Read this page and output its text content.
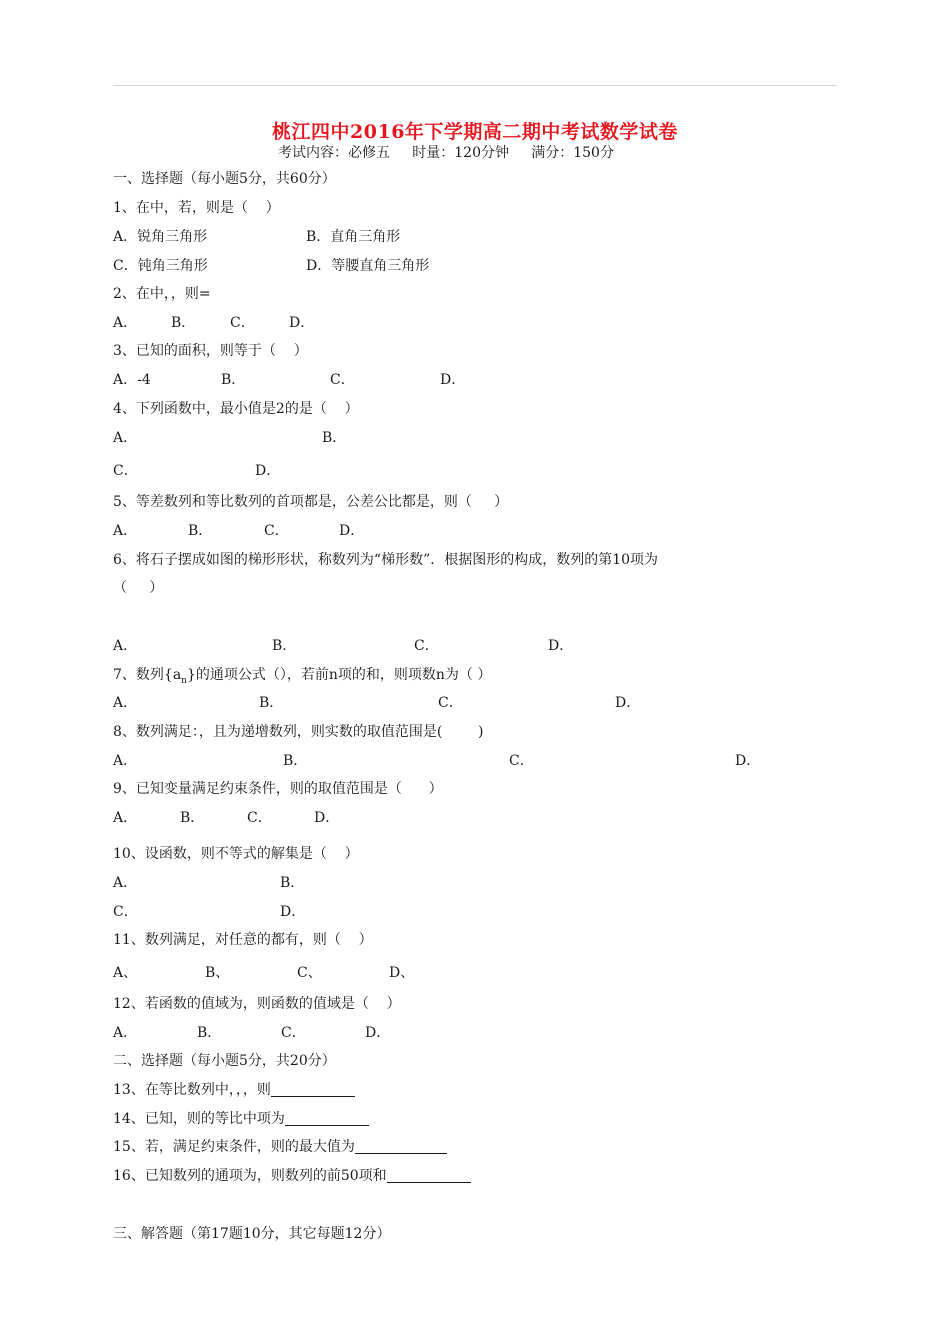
桃江四中2016年下学期高二期中考试数学试卷
考试内容：必修五     时量：120分钟     满分：150分
一、选择题（每小题5分，共60分）
1、在中，若，则是（    ）
A．锐角三角形	B．直角三角形
C．钝角三角形	D．等腰直角三角形
2、在中，，则=
A． B． C． D．
3、已知的面积，则等于（    ）
A．-4	B．	C．	D．
4、下列函数中，最小值是2的是（    ）
A．	B．
C．	D．
5、等差数列和等比数列的首项都是，公差公比都是，则（     ）
A．	B．	C．	D．
6、将石子摆成如图的梯形形状，称数列为“梯形数”．根据图形的构成，数列的第10项为
（     ）
A．	B．	C．	D．
7、数列$\{a_n\}$的通项公式（），若前n项的和，则项数n为（ ）
A．	B．	C．	D．
8、数列满足：，且为递增数列，则实数的取值范围是(        )
A．	B．	C．	D．
9、已知变量满足约束条件，则的取值范围是（      ）
A．	B．	C．	D．
10、设函数，则不等式的解集是（    ）
A．	B．
C．	D．
11、数列满足，对任意的都有，则（    ）
A、	B、	C、	D、
12、若函数的值域为，则函数的值域是（    ）
A．	B．	C．	D．
二、选择题（每小题5分，共20分）
13、在等比数列中，，，则
14、已知，则的等比中项为
15、若，满足约束条件，则的最大值为
16、已知数列的通项为，则数列的前50项和
三、解答题（第17题10分，其它每题12分）
